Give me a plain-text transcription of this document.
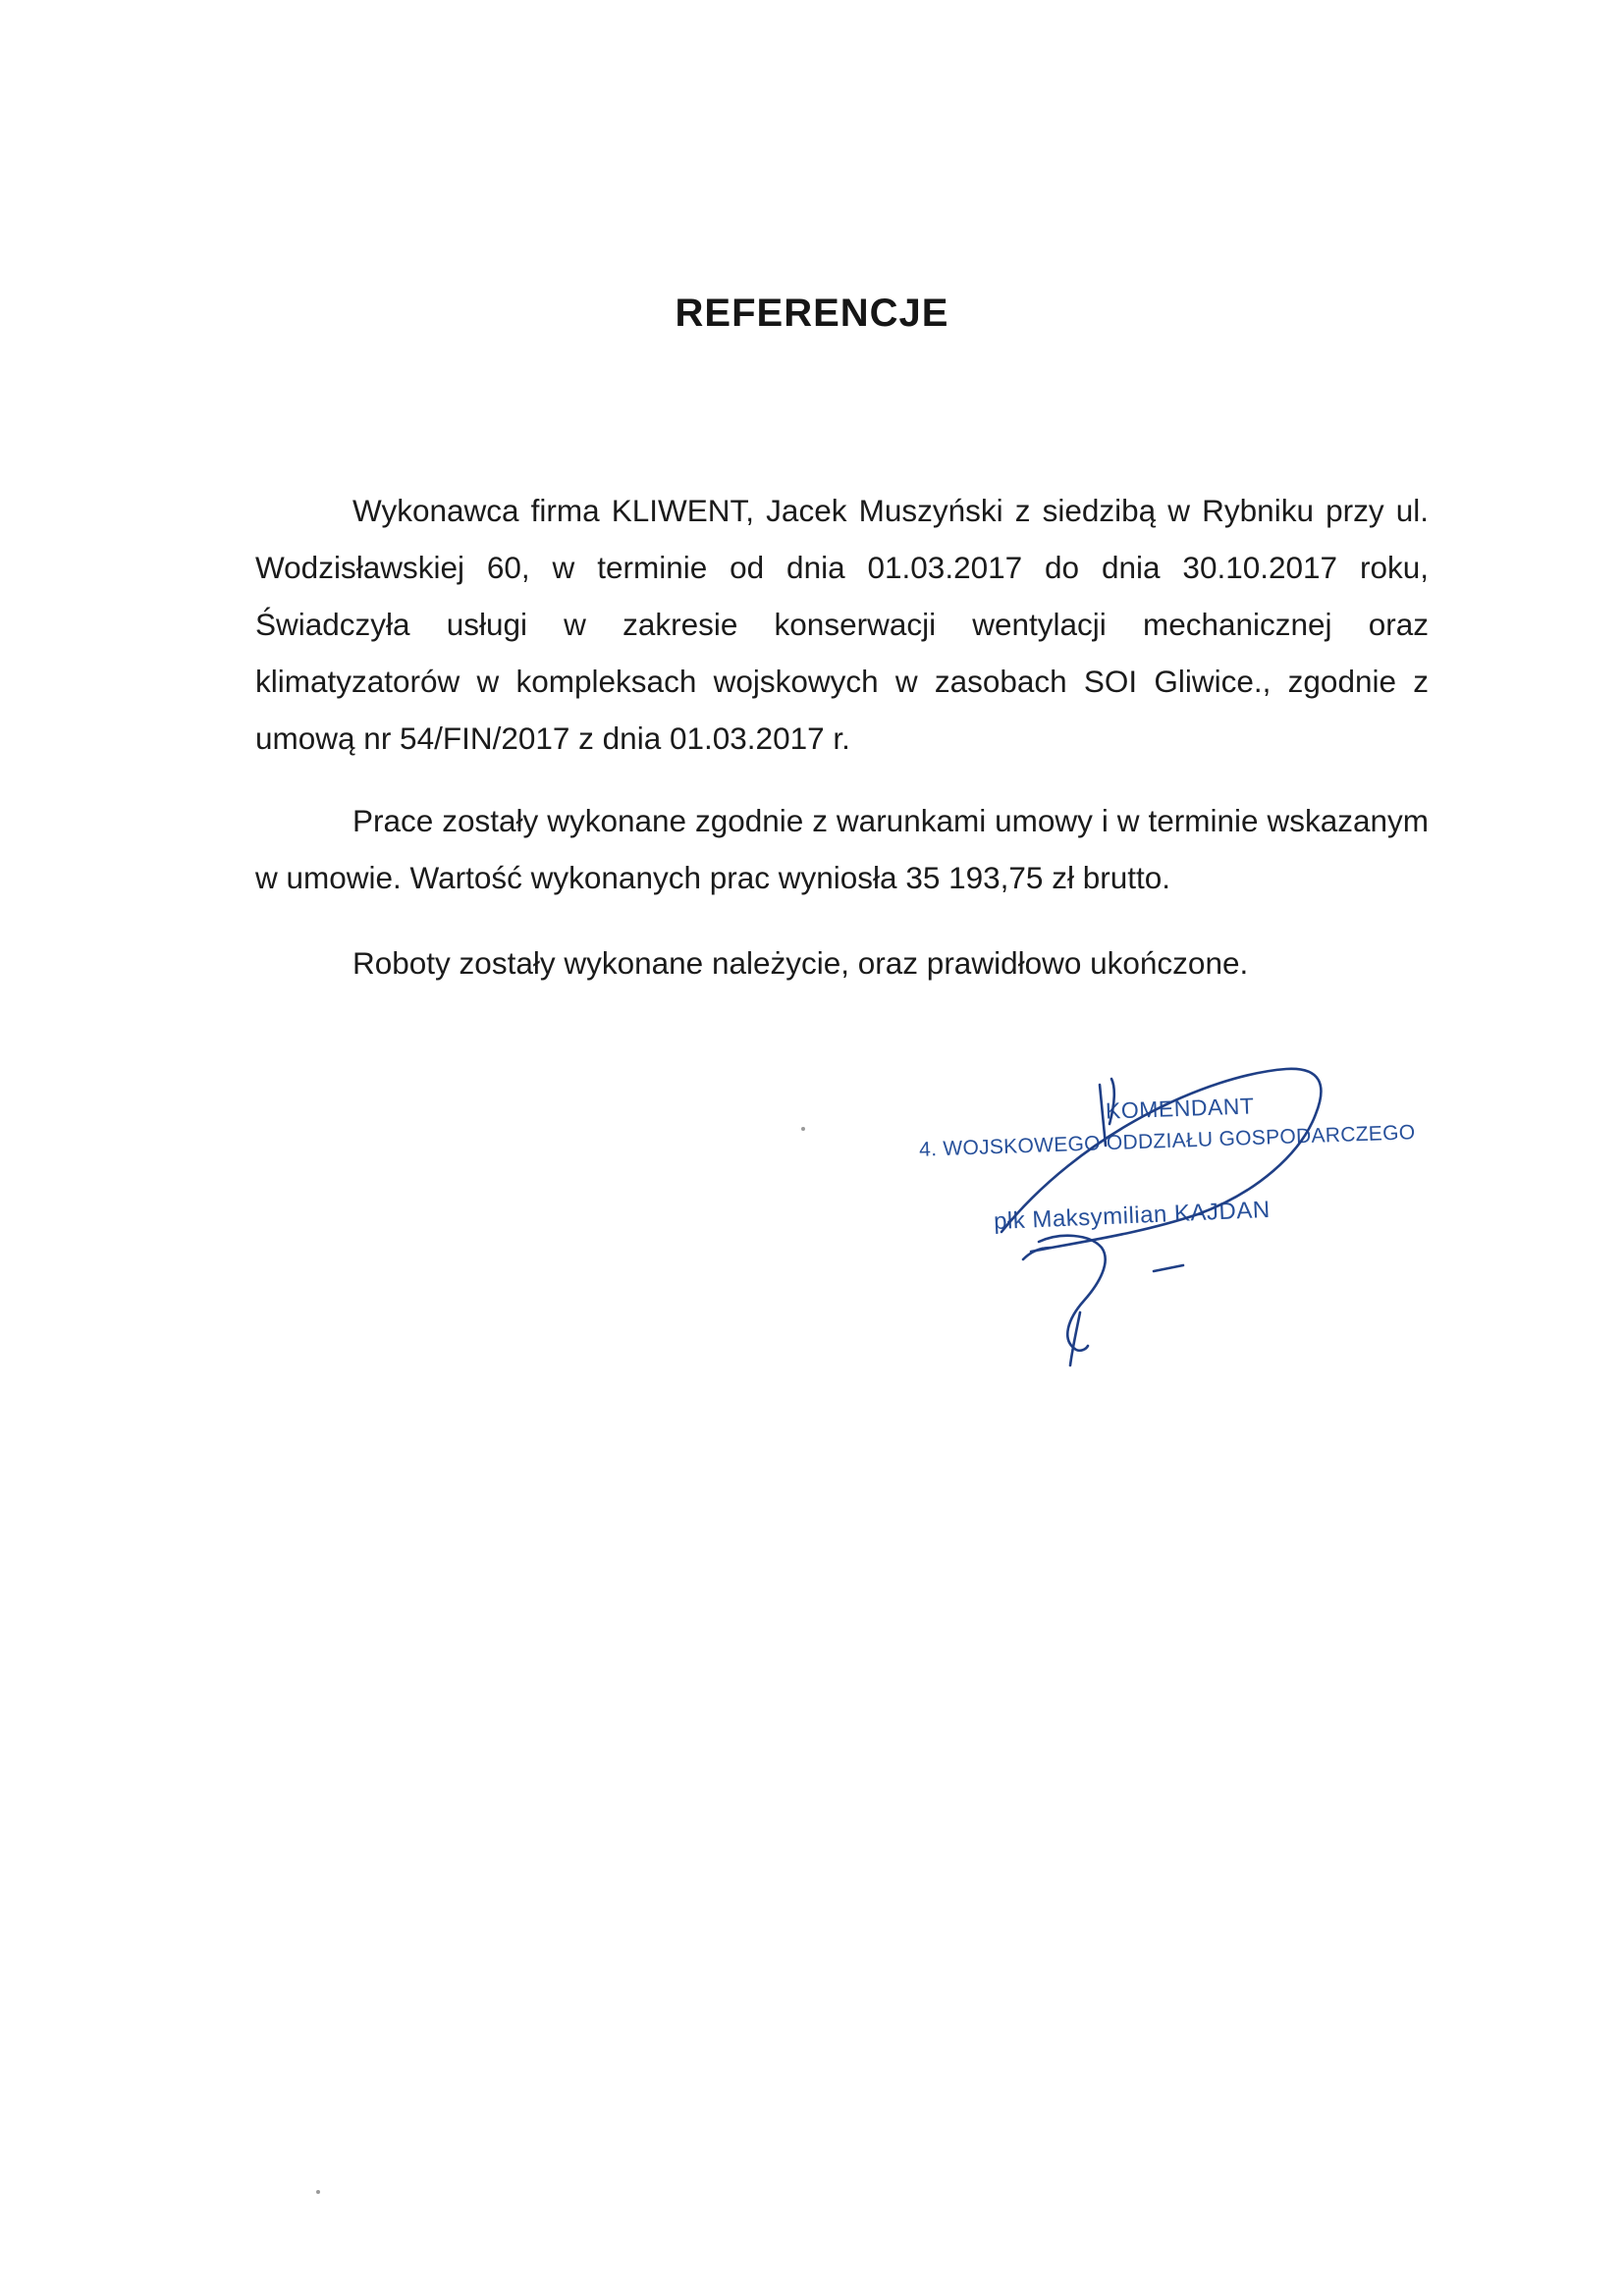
REFERENCJE
Wykonawca firma KLIWENT, Jacek Muszyński z siedzibą w Rybniku przy ul. Wodzisławskiej 60, w terminie od dnia 01.03.2017 do dnia 30.10.2017 roku, Świadczyła usługi w zakresie konserwacji wentylacji mechanicznej oraz klimatyzatorów w kompleksach wojskowych w zasobach SOI Gliwice., zgodnie z umową nr 54/FIN/2017 z dnia 01.03.2017 r.
Prace zostały wykonane zgodnie z warunkami umowy i w terminie wskazanym w umowie. Wartość wykonanych prac wyniosła 35 193,75 zł brutto.
Roboty zostały wykonane należycie, oraz prawidłowo ukończone.
KOMENDANT
4. WOJSKOWEGO ODDZIAŁU GOSPODARCZEGO
płk Maksymilian KAJDAN
